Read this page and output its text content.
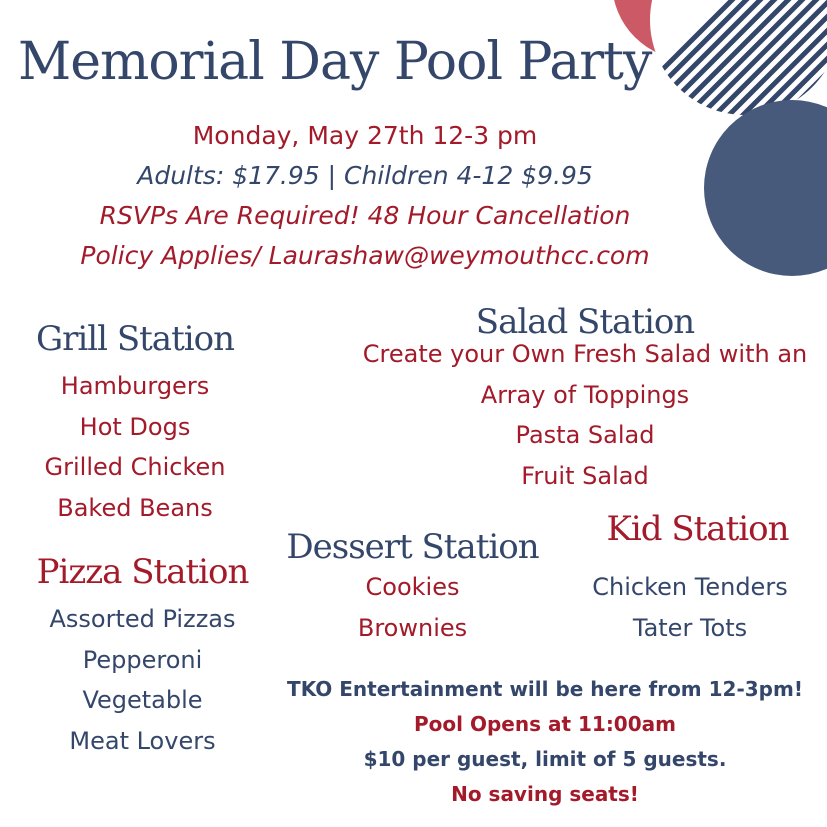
Memorial Day Pool Party
Monday, May 27th 12-3 pm
Adults: $17.95 | Children 4-12 $9.95
RSVPs Are Required! 48 Hour Cancellation
Policy Applies/ Laurashaw@weymouthcc.com
Grill Station
Hamburgers
Hot Dogs
Grilled Chicken
Baked Beans
Salad Station
Create your Own Fresh Salad with an
Array of Toppings
Pasta Salad
Fruit Salad
Pizza Station
Assorted Pizzas
Pepperoni
Vegetable
Meat Lovers
Dessert Station
Cookies
Brownies
Kid Station
Chicken Tenders
Tater Tots
TKO Entertainment will be here from 12-3pm!
Pool Opens at 11:00am
$10 per guest, limit of 5 guests.
No saving seats!
